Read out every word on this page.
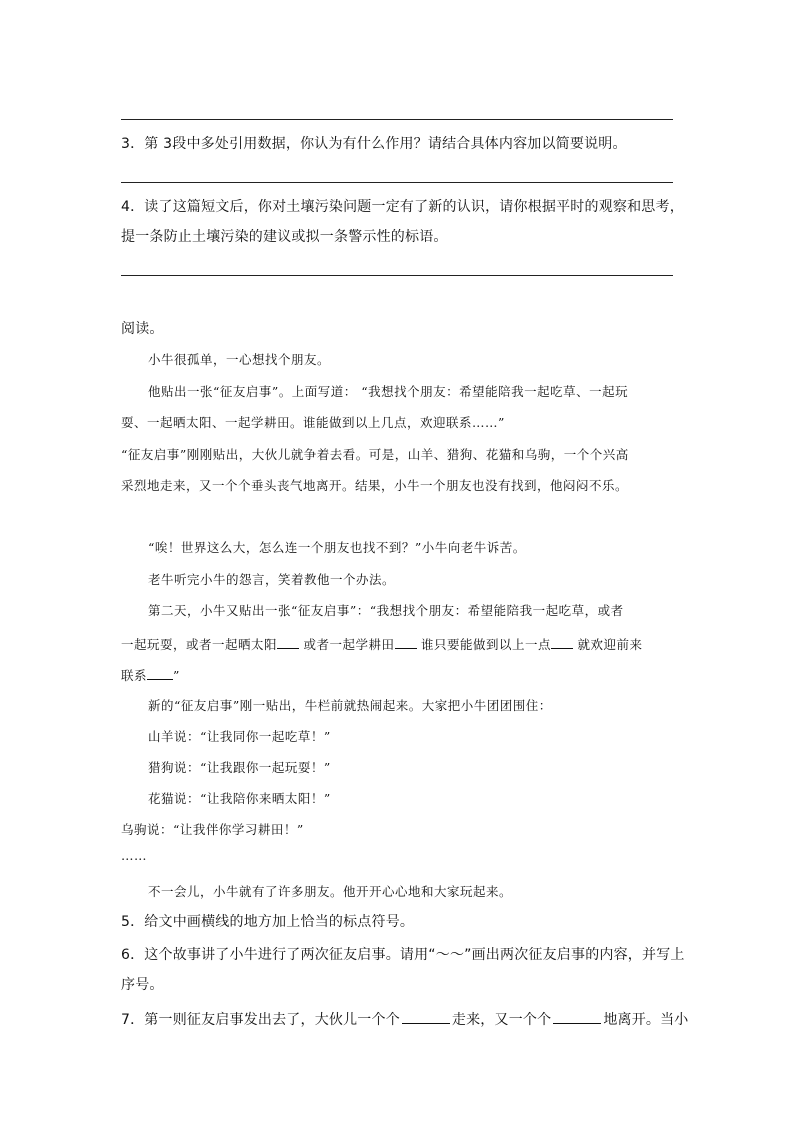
3．第 3段中多处引用数据，你认为有什么作用？请结合具体内容加以简要说明。
4．读了这篇短文后，你对土壤污染问题一定有了新的认识，请你根据平时的观察和思考，
提一条防止土壤污染的建议或拟一条警示性的标语。
阅读。
小牛很孤单，一心想找个朋友。
他贴出一张“征友启事”。上面写道： “我想找个朋友：希望能陪我一起吃草、一起玩
耍、一起晒太阳、一起学耕田。谁能做到以上几点，欢迎联系……”
“征友启事”刚刚贴出，大伙儿就争着去看。可是，山羊、猎狗、花猫和乌驹，一个个兴高
采烈地走来，又一个个垂头丧气地离开。结果，小牛一个朋友也没有找到，他闷闷不乐。
“唉！世界这么大，怎么连一个朋友也找不到？”小牛向老牛诉苦。
老牛听完小牛的怨言，笑着教他一个办法。
第二天，小牛又贴出一张“征友启事”：“我想找个朋友：希望能陪我一起吃草，或者
一起玩耍，或者一起晒太阳 或者一起学耕田 谁只要能做到以上一点 就欢迎前来
联系 ”
新的“征友启事”刚一贴出，牛栏前就热闹起来。大家把小牛团团围住：
山羊说：“让我同你一起吃草！”
猎狗说：“让我跟你一起玩耍！”
花猫说：“让我陪你来晒太阳！”
乌驹说：“让我伴你学习耕田！”
……
不一会儿，小牛就有了许多朋友。他开开心心地和大家玩起来。
5．给文中画横线的地方加上恰当的标点符号。
6．这个故事讲了小牛进行了两次征友启事。请用“～～”画出两次征友启事的内容，并写上
序号。
7．第一则征友启事发出去了，大伙儿一个个	走来，又一个个	地离开。当小
